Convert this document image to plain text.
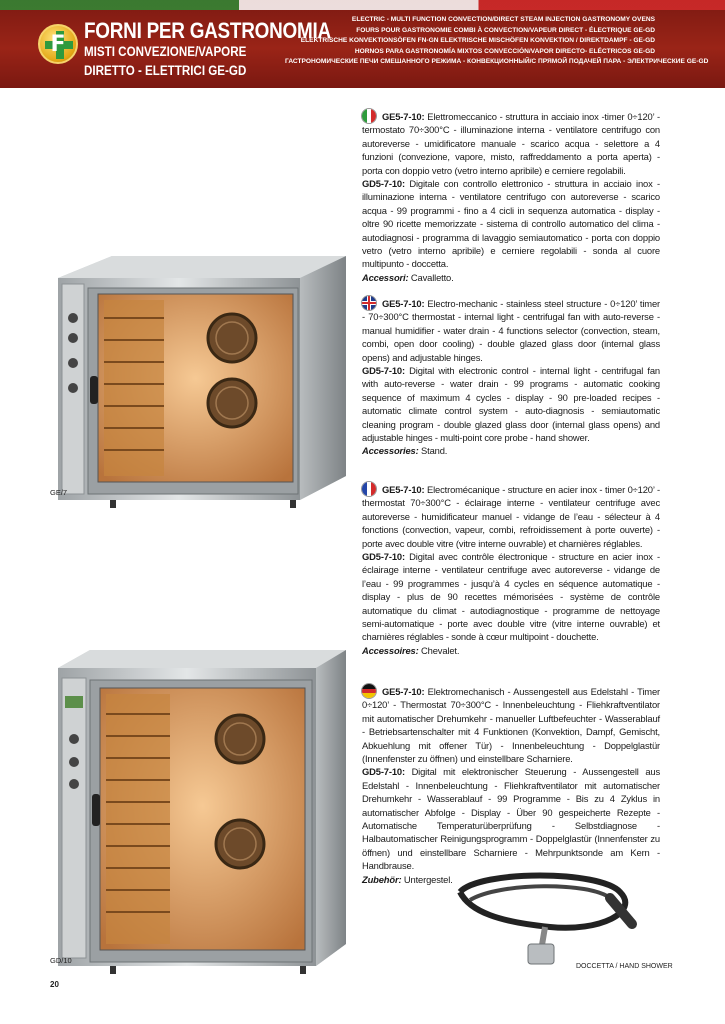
F
FORNI PER GASTRONOMIA
MISTI CONVEZIONE/VAPORE
DIRETTO - ELETTRICI GE-GD
ELECTRIC - MULTI FUNCTION CONVECTION/DIRECT STEAM INJECTION GASTRONOMY OVENS
FOURS POUR GASTRONOMIE COMBI À CONVECTION/VAPEUR DIRECT - ÉLECTRIQUE GE-GD
ELEKTRISCHE KONVEKTIONSÖFEN FN-GN ELEKTRISCHE MISCHÖFEN KONVEKTION / DIREKTDAMPF - GE-GD
HORNOS PARA GASTRONOMÍA MIXTOS CONVECCIÓN/VAPOR DIRECTO- ELÉCTRICOS GE-GD
ГАСТРОНОМИЧЕСКИЕ ПЕЧИ СМЕШАННОГО РЕЖИМА - КОНВЕКЦИОННЫЙ/С ПРЯМОЙ ПОДАЧЕЙ ПАРА - ЭЛЕКТРИЧЕСКИЕ GE-GD
GE/7
GD/10
DOCCETTA / HAND SHOWER

GE5-7-10: Elettromeccanico - struttura in acciaio inox -timer 0÷120’ - termostato 70÷300°C - illuminazione interna - ventilatore centrifugo con autoreverse - umidificatore manuale - scarico acqua - selettore a 4 funzioni (convezione, vapore, misto, raffreddamento a porta aperta) - porta con doppio vetro (vetro interno apribile) e cerniere regolabili.

GD5-7-10: Digitale con controllo elettronico - struttura in acciaio inox - illuminazione interna - ventilatore centrifugo con autoreverse - scarico acqua - 99 programmi - fino a 4 cicli in sequenza automatica - display - oltre 90 ricette memorizzate - sistema di controllo automatico del clima - autodiagnosi - programma di lavaggio semiautomatico - porta con doppio vetro (vetro interno apribile) e cerniere regolabili - sonda al cuore multipunto - doccetta.

Accessori: Cavalletto.

GE5-7-10: Electro-mechanic - stainless steel structure - 0÷120’ timer - 70÷300°C thermostat - internal light - centrifugal fan with auto-reverse - manual humidifier - water drain - 4 functions selector (convection, steam, combi, open door cooling) - double glazed glass door (internal glass opens) and adjustable hinges.

GD5-7-10: Digital with electronic control - internal light - centrifugal fan with auto-reverse - water drain - 99 programs - automatic cooking sequence of maximum 4 cycles - display - 90 pre-loaded recipes - automatic climate control system - auto-diagnosis - semiautomatic cleaning program - double glazed glass door (internal glass opens) and adjustable hinges - multi-point core probe - hand shower.

Accessories: Stand.

GE5-7-10: Electromécanique - structure en acier inox - timer 0÷120’ - thermostat 70÷300°C - éclairage interne - ventilateur centrifuge avec autoreverse - humidificateur manuel - vidange de l’eau - sélecteur à 4 fonctions (convection, vapeur, combi, refroidissement à porte ouverte) - porte avec double vitre (vitre interne ouvrable) et charnières réglables.

GD5-7-10: Digital avec contrôle électronique - structure en acier inox - éclairage interne - ventilateur centrifuge avec autoreverse - vidange de l’eau - 99 programmes - jusqu’à 4 cycles en séquence automatique - display - plus de 90 recettes mémorisées - système de contrôle automatique du climat - autodiagnostique - programme de nettoyage semi-automatique - porte avec double vitre (vitre interne ouvrable) et charnières réglables - sonde à cœur multipoint - douchette.

Accessoires: Chevalet.

GE5-7-10: Elektromechanisch - Aussengestell aus Edelstahl - Timer 0÷120’ - Thermostat 70÷300°C - Innenbeleuchtung - Fliehkraftventilator mit automatischer Drehumkehr - manueller Luftbefeuchter - Wasserablauf - Betriebsartenschalter mit 4 Funktionen (Konvektion, Dampf, Gemischt, Abkuehlung mit offener Tür) - Innenbeleuchtung - Doppelglastür (Innenfenster zu öffnen) und einstellbare Scharniere.

GD5-7-10: Digital mit elektronischer Steuerung - Aussengestell aus Edelstahl - Innenbeleuchtung - Fliehkraftventilator mit automatischer Drehumkehr - Wasserablauf - 99 Programme - Bis zu 4 Zyklus in automatischer Abfolge - Display - Über 90 gespeicherte Rezepte - Automatische Temperaturüberprüfung - Selbstdiagnose - Halbautomatischer Reinigungsprogramm - Doppelglastür (Innenfenster zu öffnen) und einstellbare Scharniere - Mehrpunktsonde am Kern - Handbrause.

Zubehör: Untergestel.

20
